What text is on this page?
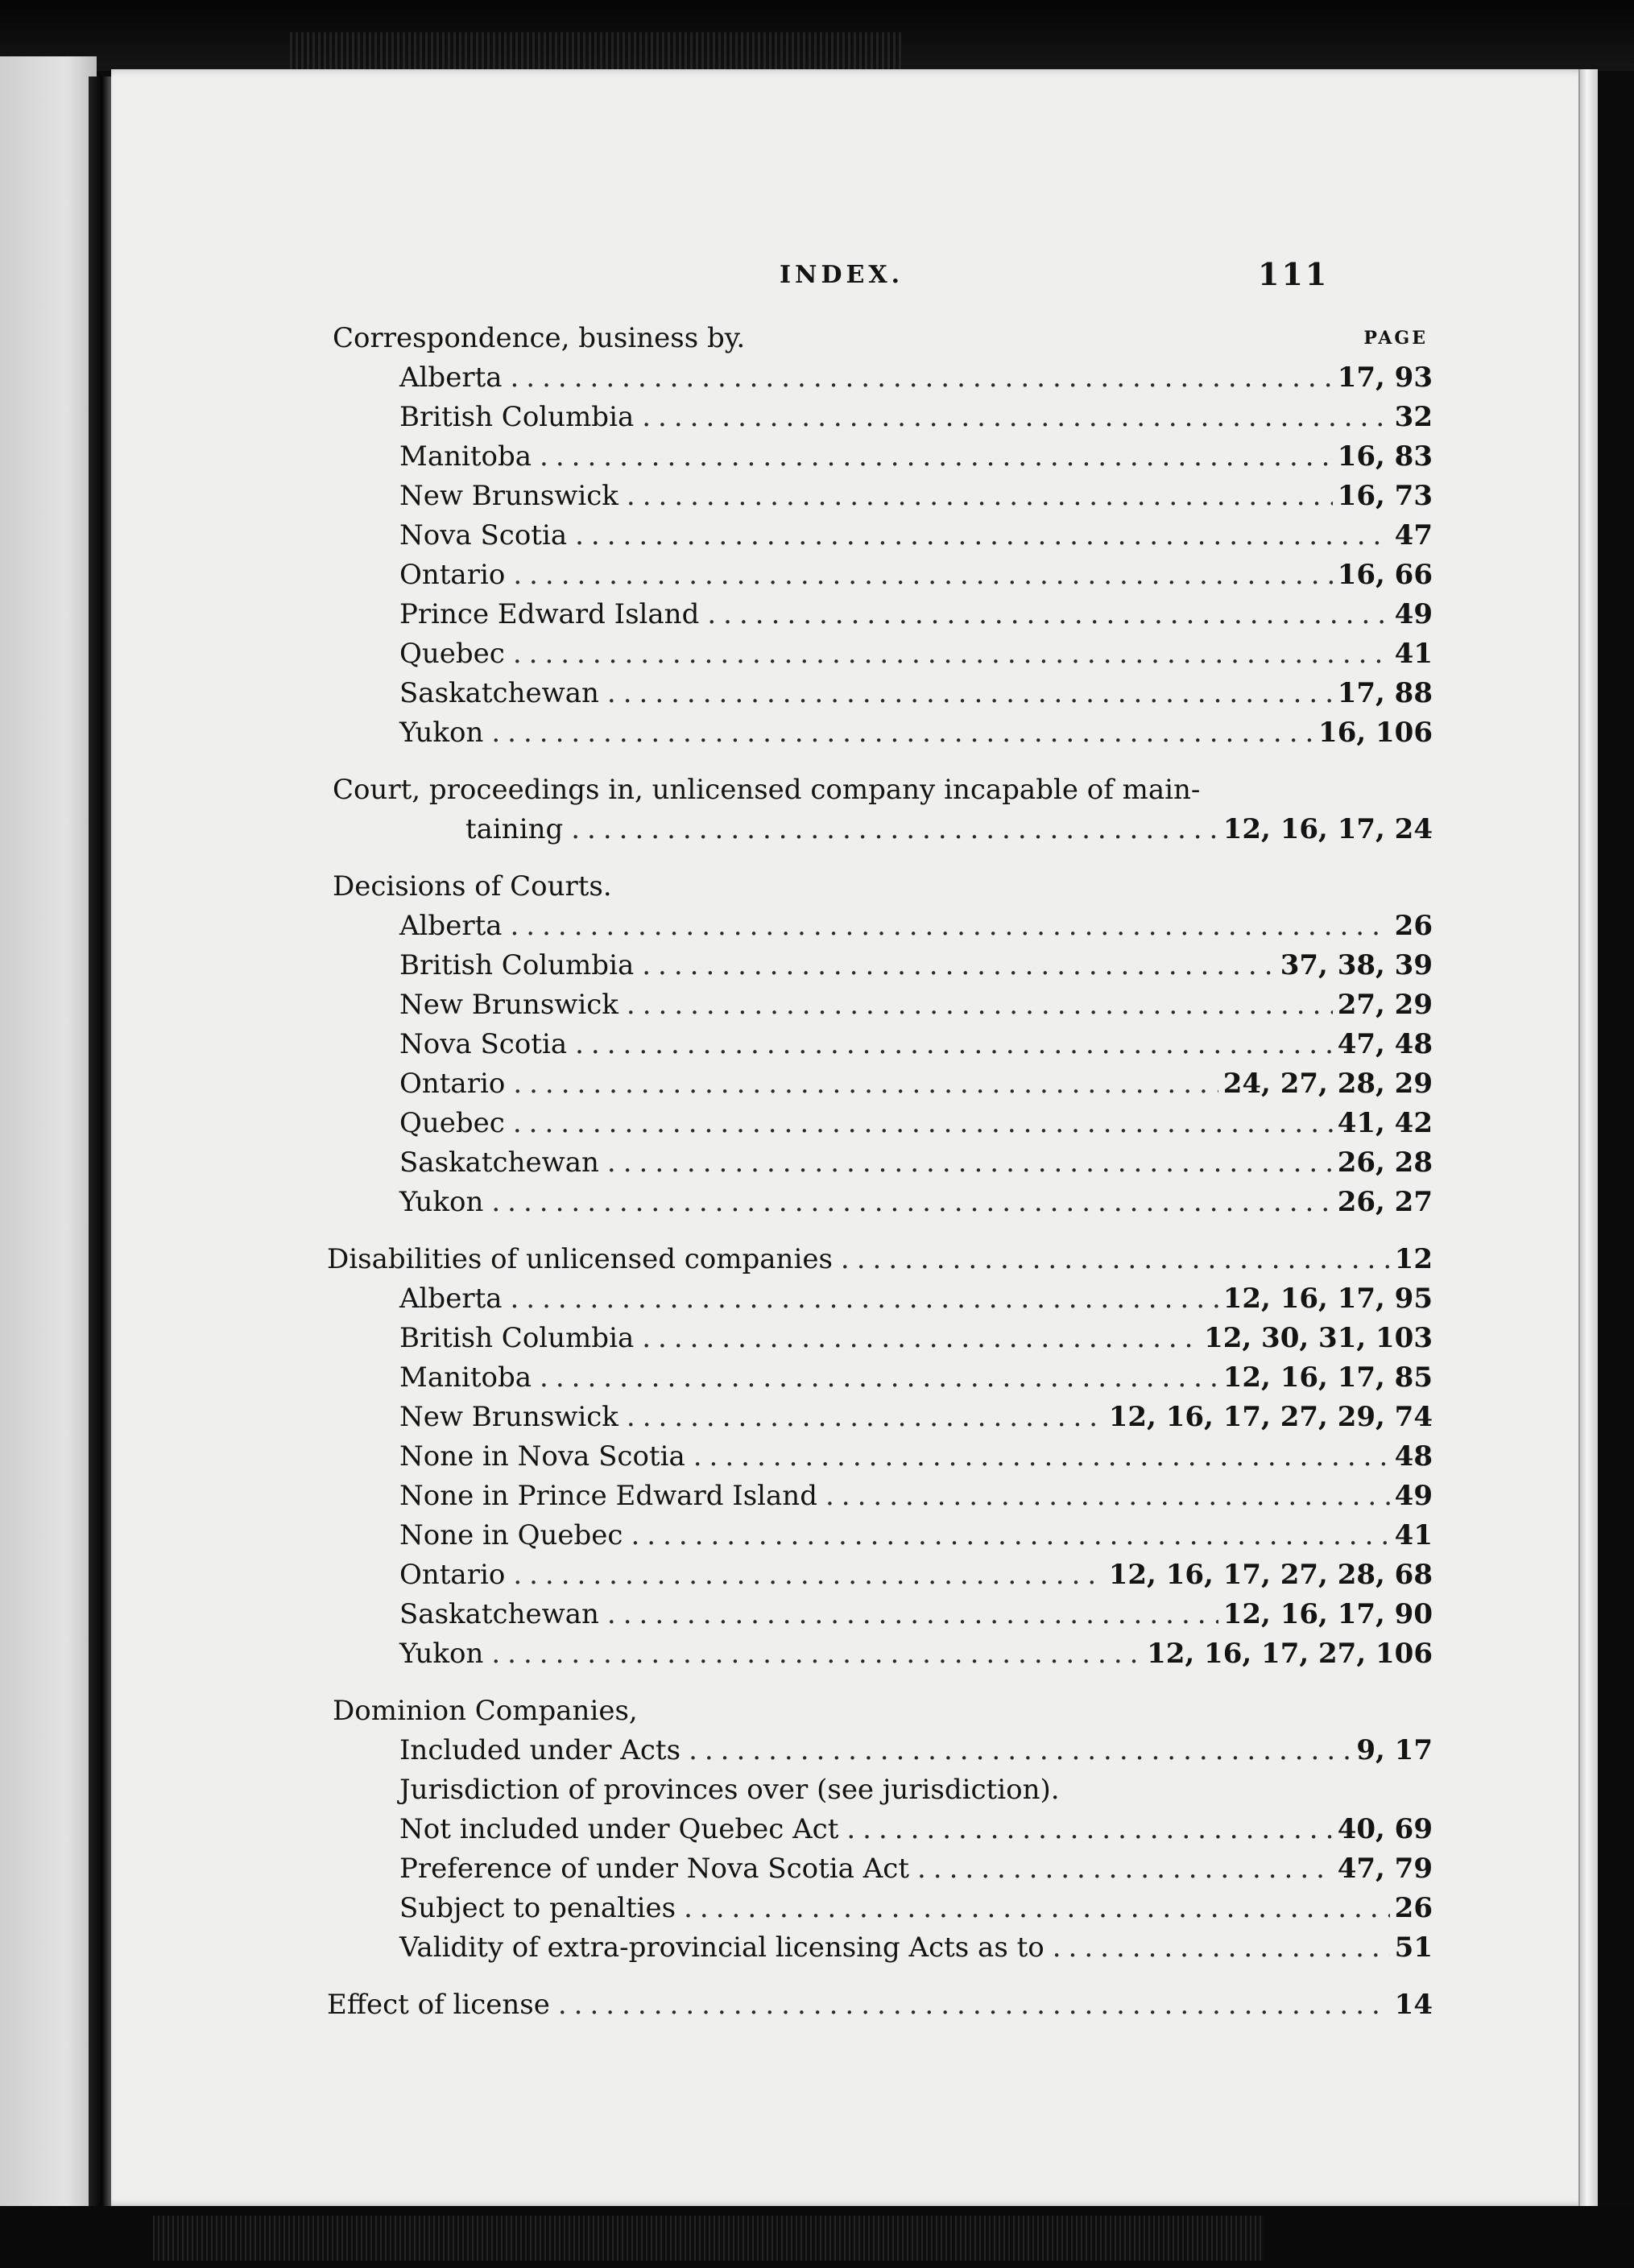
INDEX.	111
Correspondence, business by.	PAGE
Alberta .....	17, 93
British Columbia .....	32
Manitoba .....	16, 83
New Brunswick .....	16, 73
Nova Scotia .....	47
Ontario .....	16, 66
Prince Edward Island .....	49
Quebec .....	41
Saskatchewan .....	17, 88
Yukon .....	16, 106
Court, proceedings in, unlicensed company incapable of main-
taining .....	12, 16, 17, 24
Decisions of Courts.
Alberta .....	26
British Columbia .....	37, 38, 39
New Brunswick .....	27, 29
Nova Scotia .....	47, 48
Ontario .....	24, 27, 28, 29
Quebec .....	41, 42
Saskatchewan .....	26, 28
Yukon .....	26, 27
Disabilities of unlicensed companies .....	12
Alberta .....	12, 16, 17, 95
British Columbia .....	12, 30, 31, 103
Manitoba .....	12, 16, 17, 85
New Brunswick .....	12, 16, 17, 27, 29, 74
None in Nova Scotia .....	48
None in Prince Edward Island .....	49
None in Quebec .....	41
Ontario .....	12, 16, 17, 27, 28, 68
Saskatchewan .....	12, 16, 17, 90
Yukon .....	12, 16, 17, 27, 106
Dominion Companies,
Included under Acts .....	9, 17
Jurisdiction of provinces over (see jurisdiction).
Not included under Quebec Act .....	40, 69
Preference of under Nova Scotia Act .....	47, 79
Subject to penalties .....	26
Validity of extra-provincial licensing Acts as to .....	51
Effect of license .....	14
